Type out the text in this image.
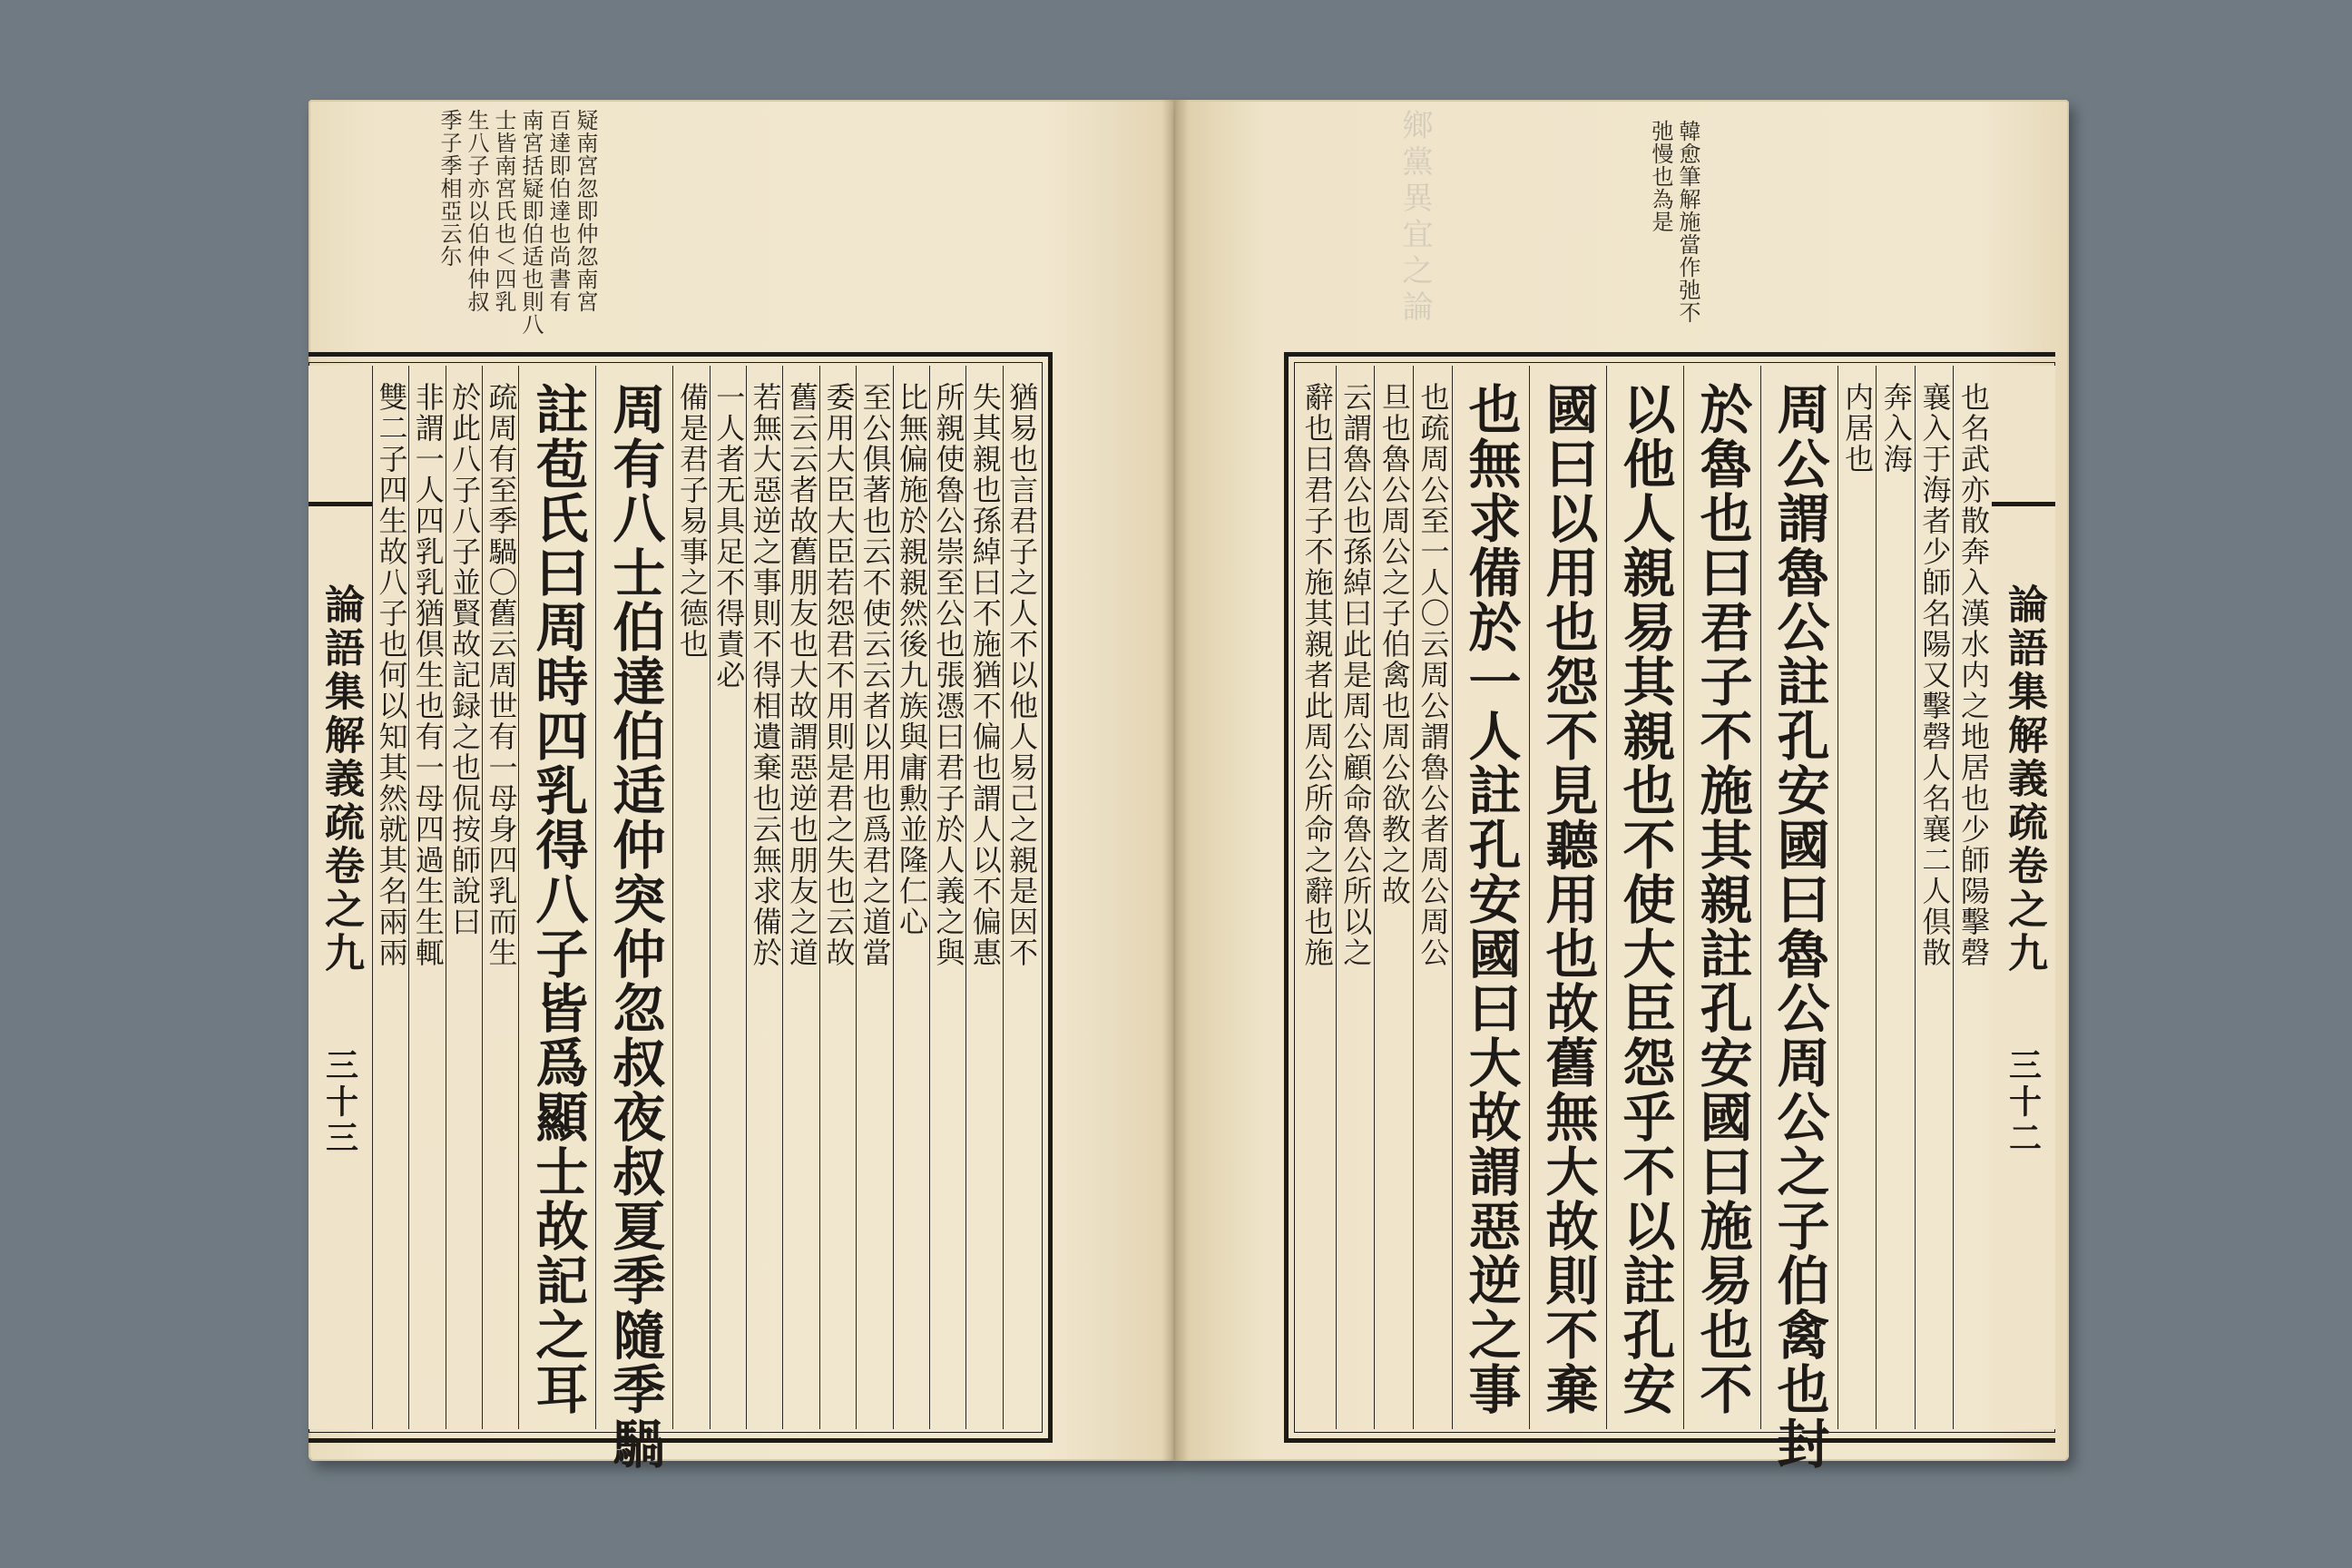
疑南宮忽即仲忽南宮
百達即伯達也尚書有
南宮括疑即伯适也則八
士皆南宮氏也＜四乳
生八子亦以伯仲仲叔
季子季相亞云尓
猶易也言君子之人不以他人易己之親是因不
失其親也孫綽曰不施猶不偏也謂人以不偏惠
所親使魯公崇至公也張憑曰君子於人義之與
比無偏施於親親然後九族與庸勲並隆仁心
至公俱著也云不使云云者以用也爲君之道當
委用大臣大臣若怨君不用則是君之失也云故
舊云云者故舊朋友也大故謂惡逆也朋友之道
若無大惡逆之事則不得相遺棄也云無求備於
一人者无具足不得責必
備是君子易事之德也
周有八士伯達伯适仲突仲忽叔夜叔夏季隨季騧
註苞氏曰周時四乳得八子皆爲顯士故記之耳
疏周有至季騧〇舊云周世有一母身四乳而生
於此八子八子並賢故記録之也侃按師說曰
非謂一人四乳乳猶倶生也有一母四過生生輒
雙二子四生故八子也何以知其然就其名兩兩
論語集解義疏卷之九
三十三
韓愈筆解施當作弛不
弛慢也為是
鄉黨異宜之論
論語集解義疏卷之九
三十二
也名武亦散奔入漢水内之地居也少師陽擊磬
襄入于海者少師名陽又擊磬人名襄二人倶散
奔入海
内居也
周公謂魯公註孔安國曰魯公周公之子伯禽也封
於魯也曰君子不施其親註孔安國曰施易也不
以他人親易其親也不使大臣怨乎不以註孔安
國曰以用也怨不見聽用也故舊無大故則不棄
也無求備於一人註孔安國曰大故謂惡逆之事
也疏周公至一人〇云周公謂魯公者周公周公
旦也魯公周公之子伯禽也周公欲教之故
云謂魯公也孫綽曰此是周公顧命魯公所以之
辭也曰君子不施其親者此周公所命之辭也施
